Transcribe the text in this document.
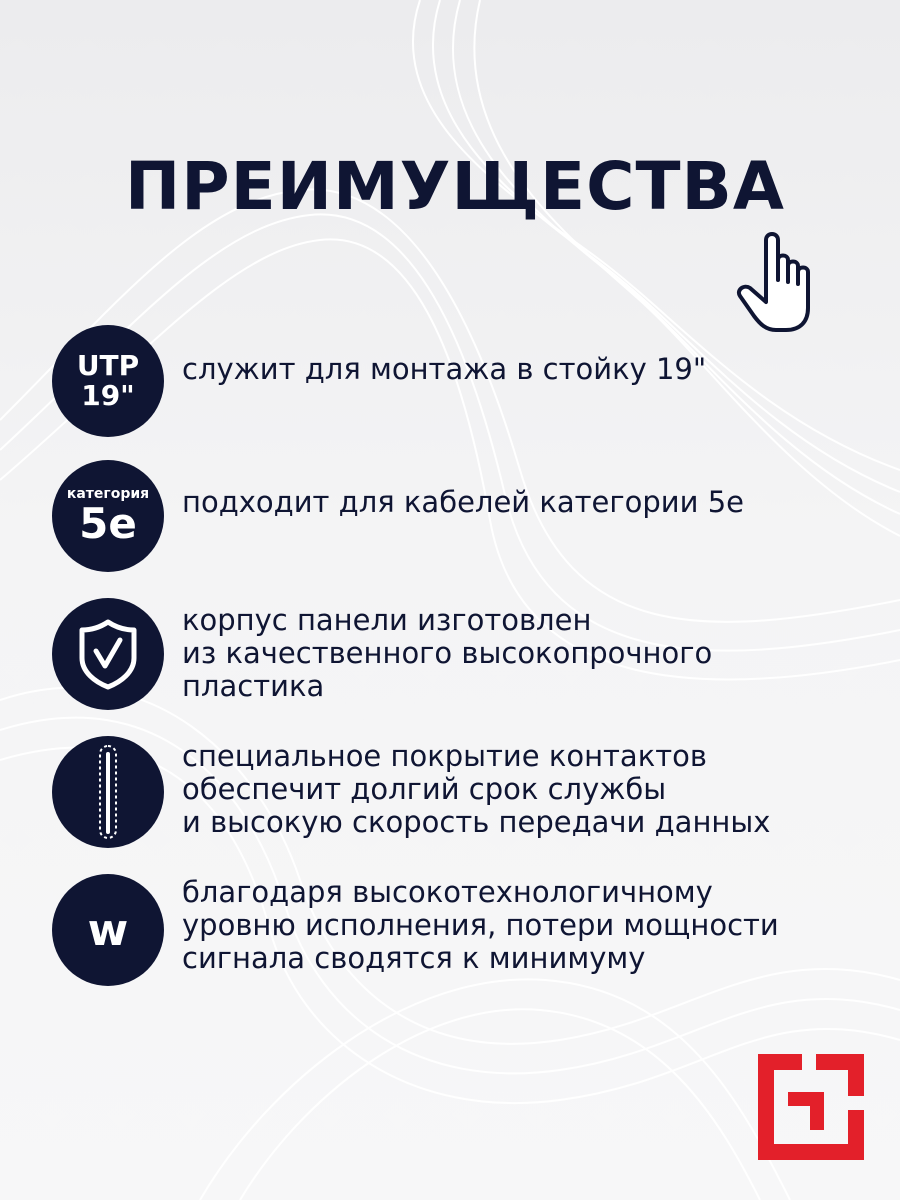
ПРЕИМУЩЕСТВА
UTP
19"

служит для монтажа в стойку 19"

категория
5е подходит для кабелей категории 5е

корпус панели изготовлен
из качественного высокопрочного
пластика

специальное покрытие контактов
обеспечит долгий срок службы
и высокую скорость передачи данных

w

благодаря высокотехнологичному
уровню исполнения, потери мощности
сигнала сводятся к минимуму
